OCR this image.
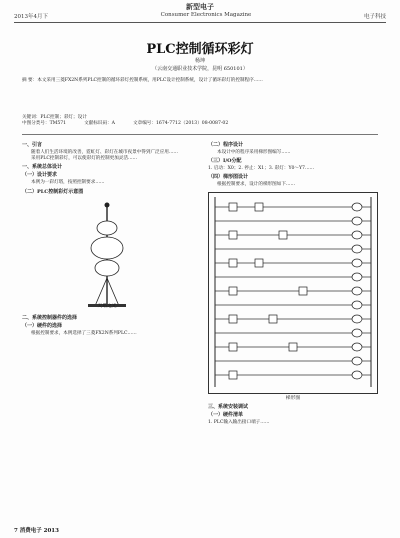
新型电子
2013年4月下	Consumer Electronics Magazine	电子科技
PLC控制循环彩灯
杨坤
（云南交通职业技术学院，昆明 650101）
摘 要：本文采用三菱FX2N系列PLC控制的循环彩灯控制系统，用PLC设计控制系统，设计了循环彩灯的控制程序……
关键词：PLC控制；彩灯；设计
中图分类号：TM571	文献标识码：A	文章编号：1674-7712（2013）08-0087-02
一、引言

随着人们生活环境的改善，霓虹灯、彩灯在城市夜景中得到广泛应用……

采用PLC控制彩灯，可以使彩灯的控制更加灵活……

一、系统总体设计
（一）设计要求

本例为一彩灯塔，按照控制要求……

（二）PLC控制彩灯示意图
天塔之光
二、系统控制器件的选择
（一）硬件的选择

根据控制要求，本例选择了三菱FX2N系列PLC……

（二）程序设计

本设计中的程序采用梯形图编写……

（三）I/O分配
1. 启动：X0；2. 停止：X1；3. 彩灯：Y0～Y7……
（四）梯形图设计

根据控制要求，设计的梯形图如下……

梯形图
三、系统安装调试
（一）硬件清单
1. PLC输入输出接口端子……
7 消费电子 2013
